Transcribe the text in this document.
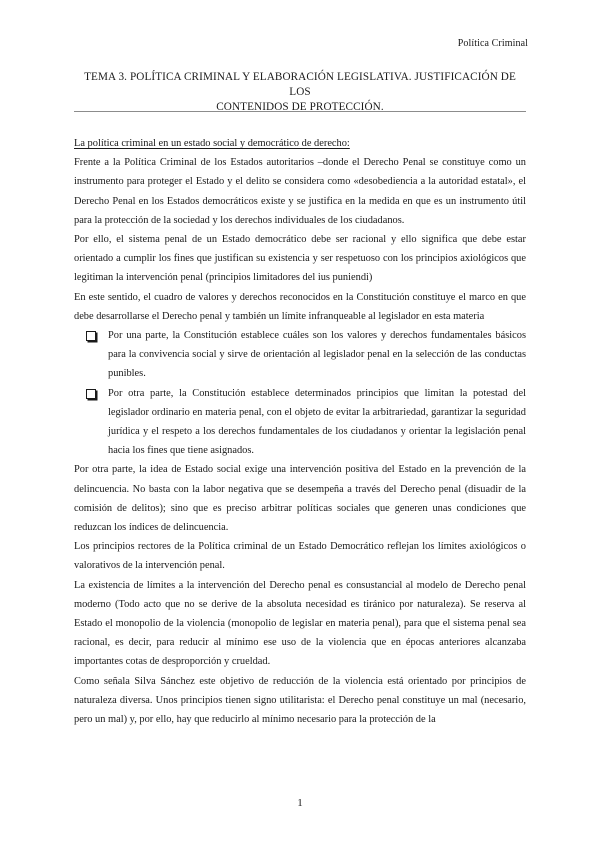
Política Criminal
TEMA 3. POLÍTICA CRIMINAL Y ELABORACIÓN LEGISLATIVA. JUSTIFICACIÓN DE LOS
CONTENIDOS DE PROTECCIÓN.

La política criminal en un estado social y democrático de derecho:

Frente a la Política Criminal de los Estados autoritarios –donde el Derecho Penal se constituye como un instrumento para proteger el Estado y el delito se considera como «desobediencia a la autoridad estatal», el Derecho Penal en los Estados democráticos existe y se justifica en la medida en que es un instrumento útil para la protección de la sociedad y los derechos individuales de los ciudadanos.

Por ello, el sistema penal de un Estado democrático debe ser racional y ello significa que debe estar orientado a cumplir los fines que justifican su existencia y ser respetuoso con los principios axiológicos que legitiman la intervención penal (principios limitadores del ius puniendi)

En este sentido, el cuadro de valores y derechos reconocidos en la Constitución constituye el marco en que debe desarrollarse el Derecho penal y también un límite infranqueable al legislador en esta materia

Por una parte, la Constitución establece cuáles son los valores y derechos fundamentales básicos para la convivencia social y sirve de orientación al legislador penal en la selección de las conductas punibles.
Por otra parte, la Constitución establece determinados principios que limitan la potestad del legislador ordinario en materia penal, con el objeto de evitar la arbitrariedad, garantizar la seguridad jurídica y el respeto a los derechos fundamentales de los ciudadanos y orientar la legislación penal hacia los fines que tiene asignados.

Por otra parte, la idea de Estado social exige una intervención positiva del Estado en la prevención de la delincuencia. No basta con la labor negativa que se desempeña a través del Derecho penal (disuadir de la comisión de delitos); sino que es preciso arbitrar políticas sociales que generen unas condiciones que reduzcan los índices de delincuencia.

Los principios rectores de la Política criminal de un Estado Democrático reflejan los límites axiológicos o valorativos de la intervención penal.

La existencia de límites a la intervención del Derecho penal es consustancial al modelo de Derecho penal moderno (Todo acto que no se derive de la absoluta necesidad es tiránico por naturaleza). Se reserva al Estado el monopolio de la violencia (monopolio de legislar en materia penal), para que el sistema penal sea racional, es decir, para reducir al mínimo ese uso de la violencia que en épocas anteriores alcanzaba importantes cotas de desproporción y crueldad.

Como señala Silva Sánchez este objetivo de reducción de la violencia está orientado por principios de naturaleza diversa. Unos principios tienen signo utilitarista: el Derecho penal constituye un mal (necesario, pero un mal) y, por ello, hay que reducirlo al mínimo necesario para la protección de la

1
